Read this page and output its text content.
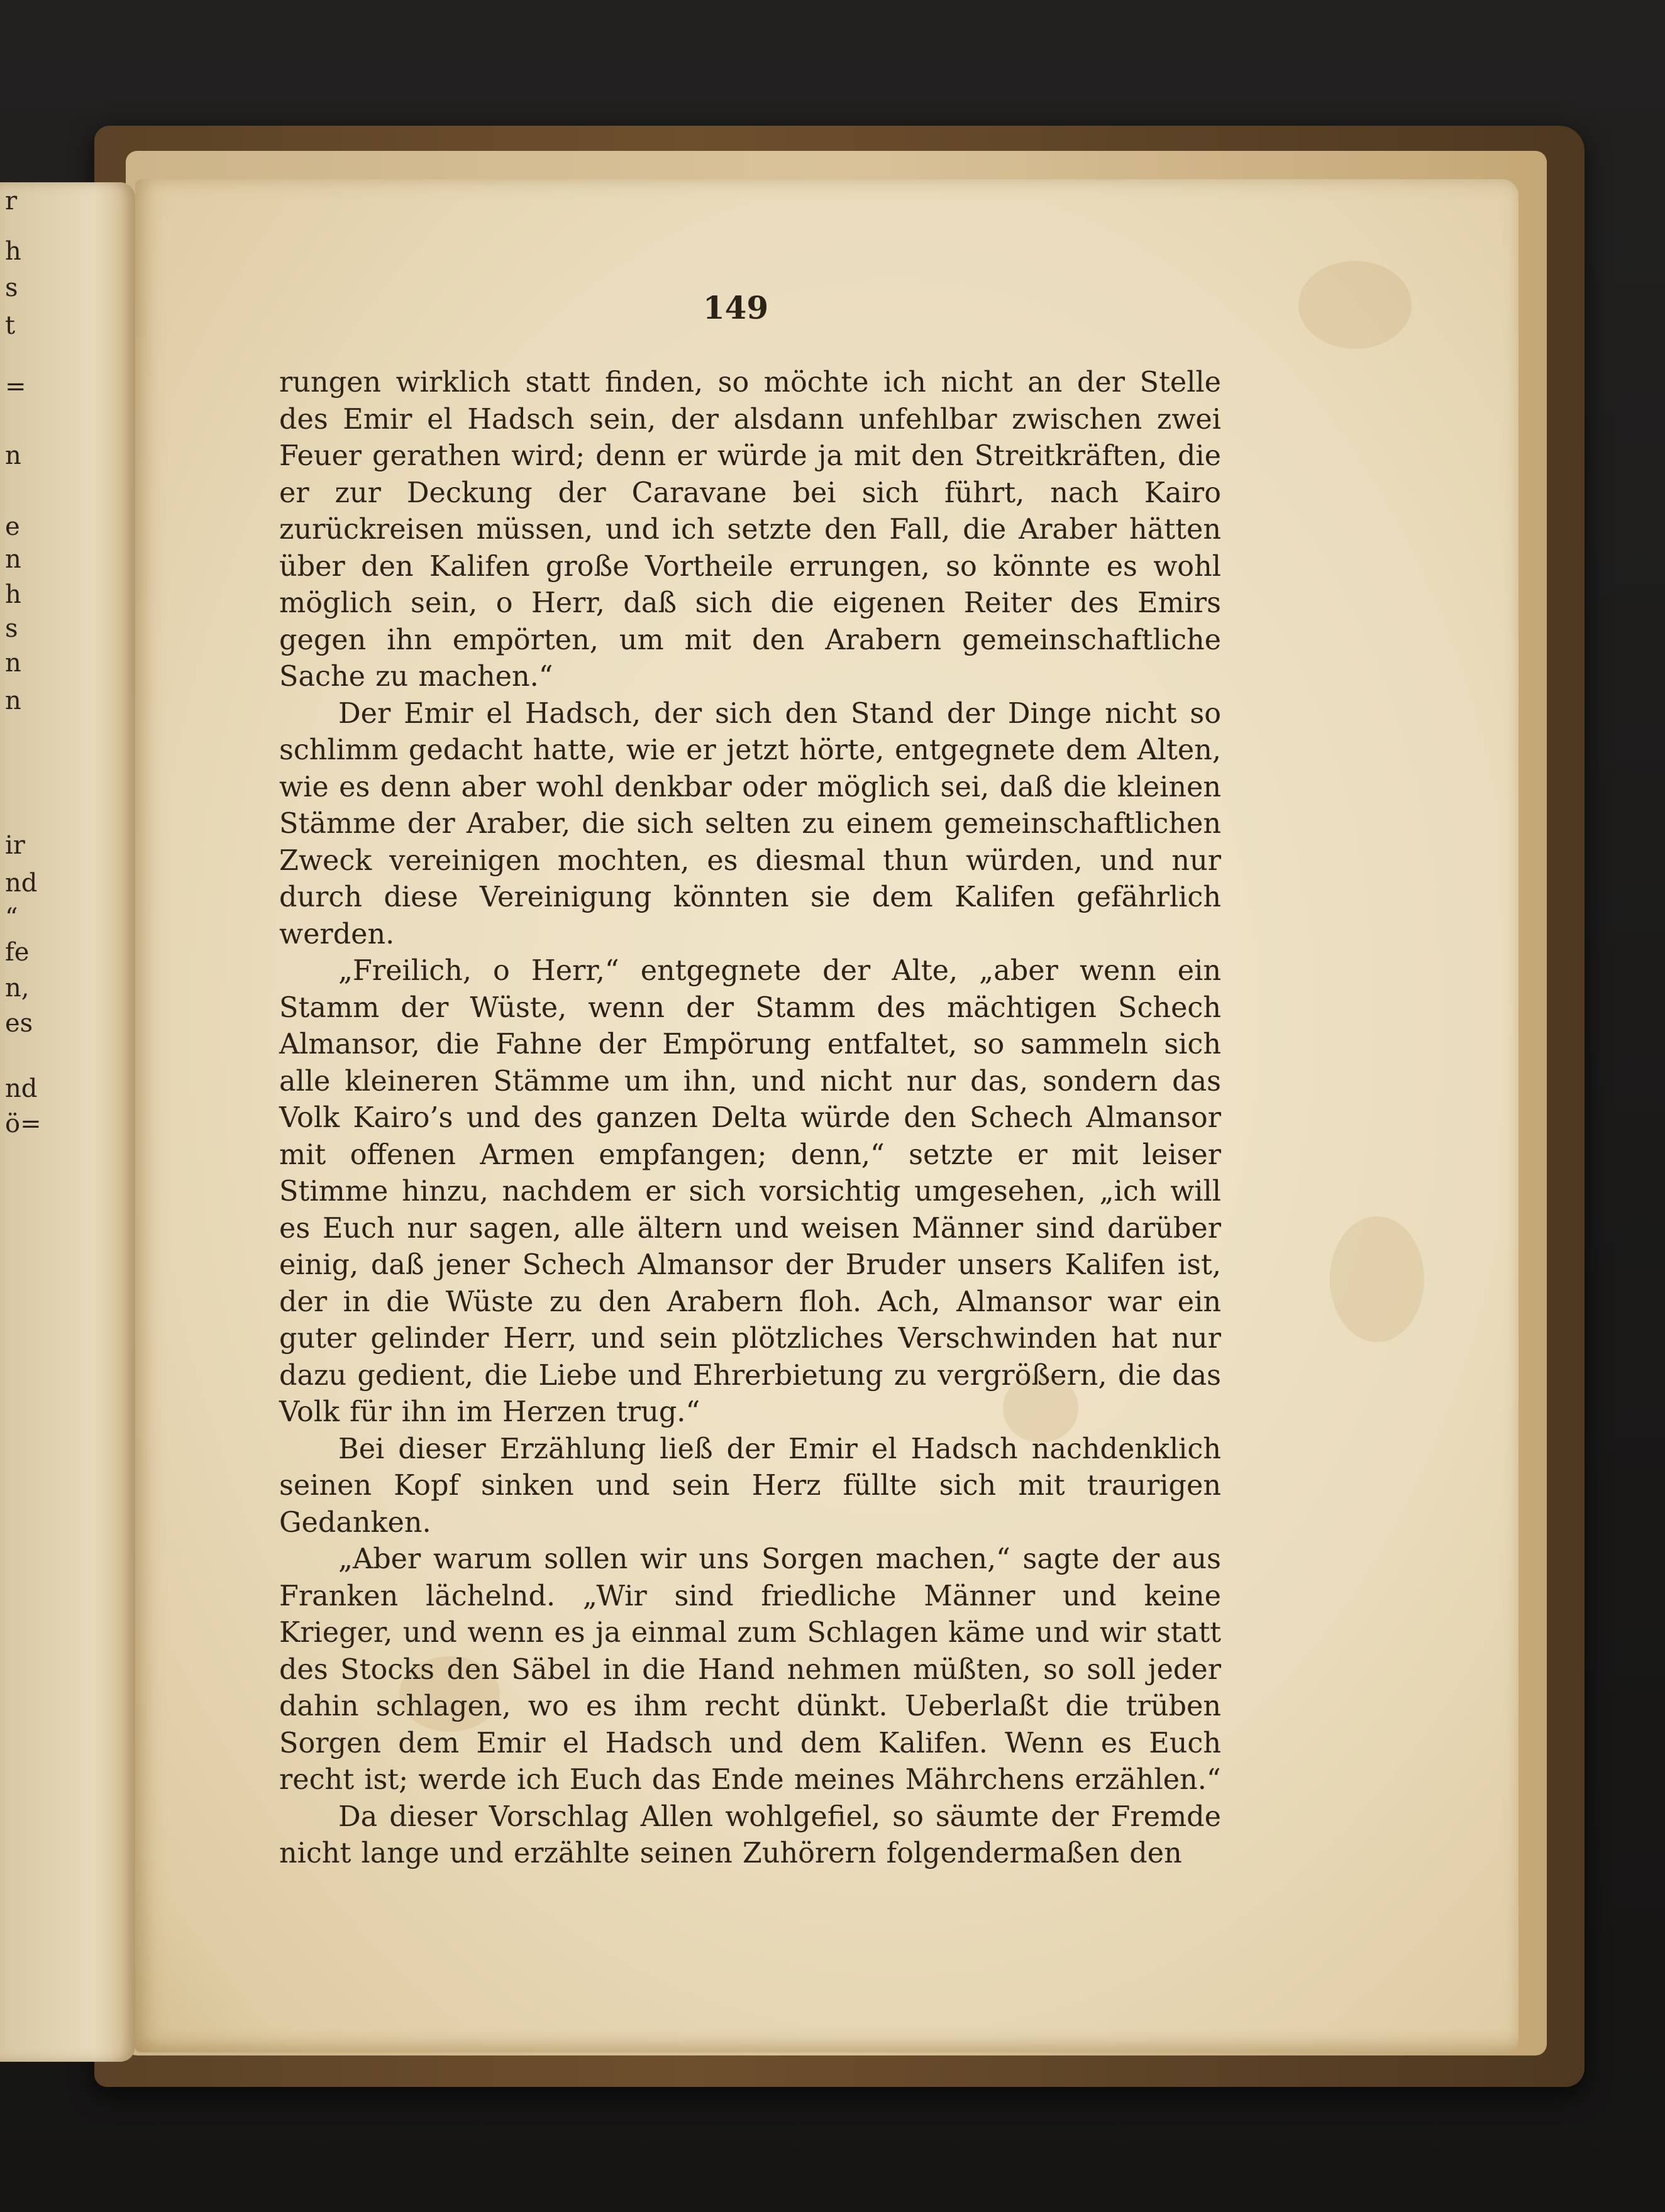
r
h
s
t
=
n
e
n
h
s
n
n
ir
nd
“
fe
n,
es
nd
ö=
149

rungen wirklich statt finden, so möchte ich nicht an der Stelle des Emir el Hadsch sein, der alsdann unfehlbar zwischen zwei Feuer gerathen wird; denn er würde ja mit den Streitkräften, die er zur Deckung der Caravane bei sich führt, nach Kairo zurückreisen müssen, und ich setzte den Fall, die Araber hätten über den Kalifen große Vortheile errungen, so könnte es wohl möglich sein, o Herr, daß sich die eigenen Reiter des Emirs gegen ihn empörten, um mit den Arabern gemeinschaftliche Sache zu machen.“

Der Emir el Hadsch, der sich den Stand der Dinge nicht so schlimm gedacht hatte, wie er jetzt hörte, entgegnete dem Alten, wie es denn aber wohl denkbar oder möglich sei, daß die kleinen Stämme der Araber, die sich selten zu einem gemeinschaftlichen Zweck vereinigen mochten, es diesmal thun würden, und nur durch diese Vereinigung könnten sie dem Kalifen gefährlich werden.

„Freilich, o Herr,“ entgegnete der Alte, „aber wenn ein Stamm der Wüste, wenn der Stamm des mächtigen Schech Almansor, die Fahne der Empörung entfaltet, so sammeln sich alle kleineren Stämme um ihn, und nicht nur das, sondern das Volk Kairo’s und des ganzen Delta würde den Schech Almansor mit offenen Armen empfangen; denn,“ setzte er mit leiser Stimme hinzu, nachdem er sich vorsichtig umgesehen, „ich will es Euch nur sagen, alle ältern und weisen Männer sind darüber einig, daß jener Schech Almansor der Bruder unsers Kalifen ist, der in die Wüste zu den Arabern floh. Ach, Almansor war ein guter gelinder Herr, und sein plötzliches Verschwinden hat nur dazu gedient, die Liebe und Ehrerbietung zu vergrößern, die das Volk für ihn im Herzen trug.“

Bei dieser Erzählung ließ der Emir el Hadsch nachdenklich seinen Kopf sinken und sein Herz füllte sich mit traurigen Gedanken.

„Aber warum sollen wir uns Sorgen machen,“ sagte der aus Franken lächelnd. „Wir sind friedliche Männer und keine Krieger, und wenn es ja einmal zum Schlagen käme und wir statt des Stocks den Säbel in die Hand nehmen müßten, so soll jeder dahin schlagen, wo es ihm recht dünkt. Ueberlaßt die trüben Sorgen dem Emir el Hadsch und dem Kalifen. Wenn es Euch recht ist; werde ich Euch das Ende meines Mährchens erzählen.“

Da dieser Vorschlag Allen wohlgefiel, so säumte der Fremde nicht lange und erzählte seinen Zuhörern folgendermaßen den
